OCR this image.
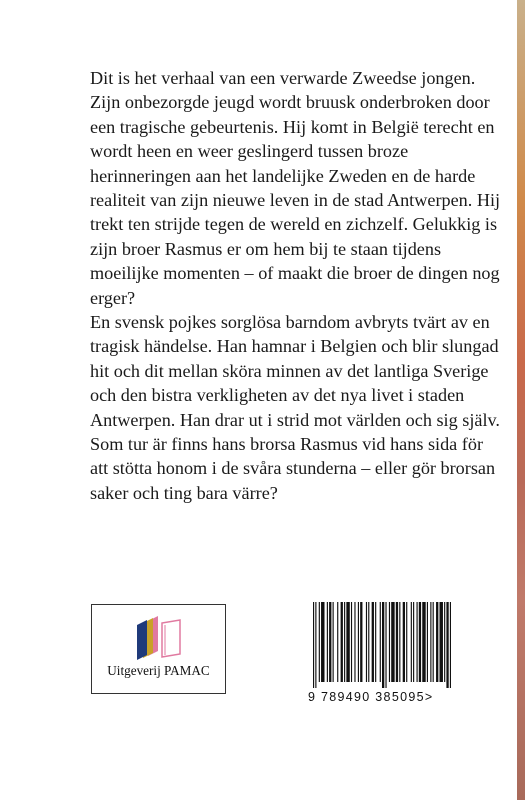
Dit is het verhaal van een verwarde Zweedse jongen. Zijn onbezorgde jeugd wordt bruusk onderbroken door een tragische gebeurtenis. Hij komt in België terecht en wordt heen en weer geslingerd tussen broze herinneringen aan het landelijke Zweden en de harde realiteit van zijn nieuwe leven in de stad Antwerpen. Hij trekt ten strijde tegen de wereld en zichzelf. Gelukkig is zijn broer Rasmus er om hem bij te staan tijdens moeilijke momenten – of maakt die broer de dingen nog erger?

En svensk pojkes sorglösa barndom avbryts tvärt av en tragisk händelse. Han hamnar i Belgien och blir slungad hit och dit mellan sköra minnen av det lantliga Sverige och den bistra verkligheten av det nya livet i staden Antwerpen. Han drar ut i strid mot världen och sig själv. Som tur är finns hans brorsa Rasmus vid hans sida för att stötta honom i de svåra stunderna – eller gör brorsan saker och ting bara värre?

Uitgeverij PAMAC
9 789490 385095>
